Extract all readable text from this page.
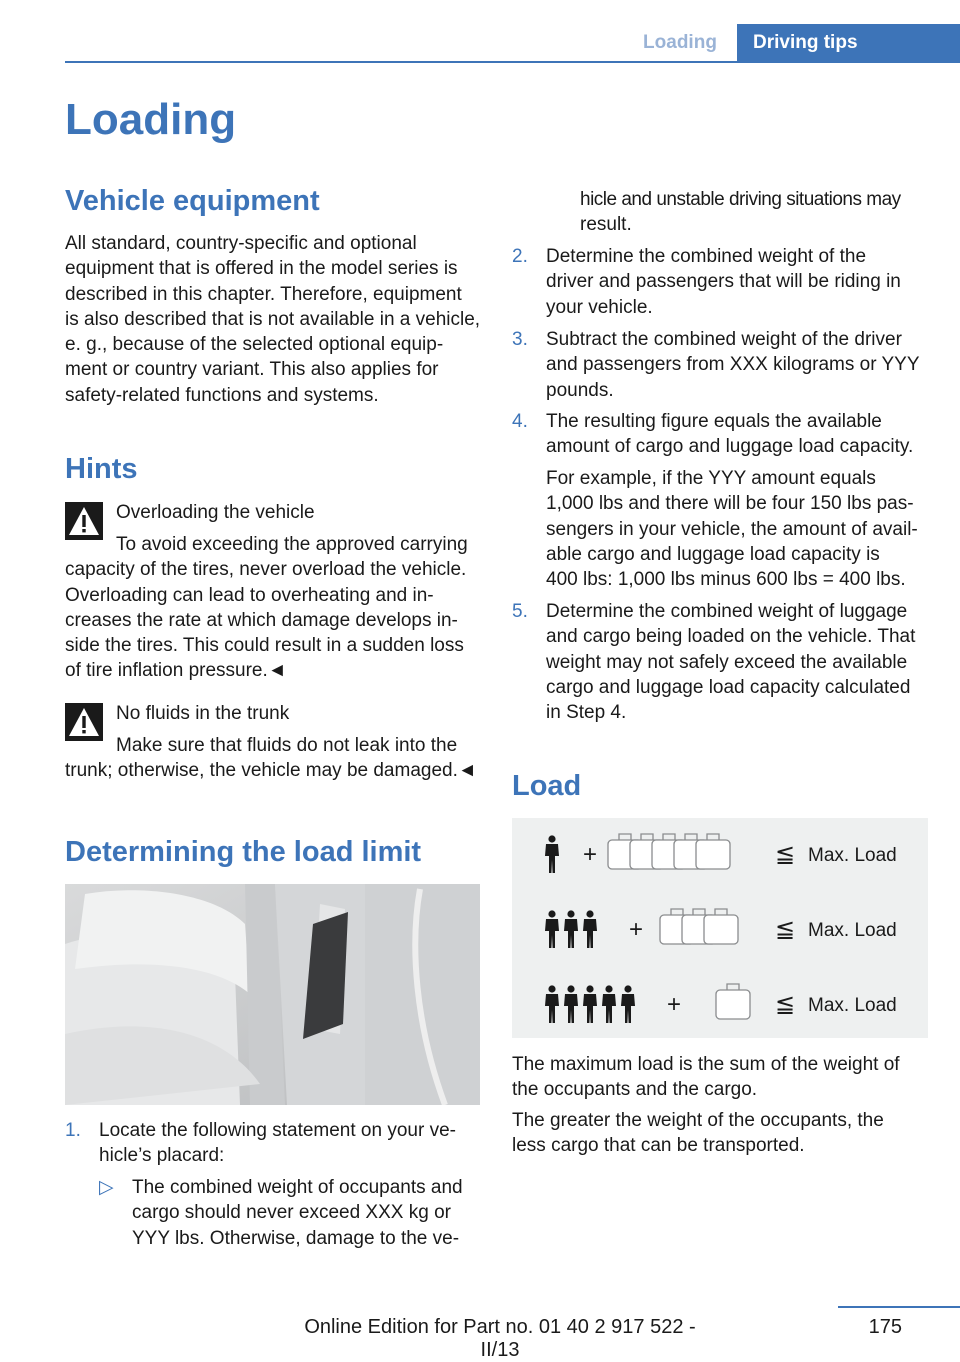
Loading	Driving tips
Loading
Vehicle equipment

All standard, country-specific and optional

equipment that is offered in the model series is

described in this chapter. Therefore, equipment

is also described that is not available in a vehicle,

e. g., because of the selected optional equip-

ment or country variant. This also applies for

safety-related functions and systems.

Hints

Overloading the vehicle

To avoid exceeding the approved carrying

capacity of the tires, never overload the vehicle.

Overloading can lead to overheating and in-

creases the rate at which damage develops in-

side the tires. This could result in a sudden loss

of tire inflation pressure.◄

No fluids in the trunk

Make sure that fluids do not leak into the

trunk; otherwise, the vehicle may be damaged.◄

Determining the load limit
1. Locate the following statement on your ve-

hicle’s placard:

▷ The combined weight of occupants and

cargo should never exceed XXX kg or

YYY lbs. Otherwise, damage to the ve-

hicle and unstable driving situations may

result.

2. Determine the combined weight of the

driver and passengers that will be riding in

your vehicle.

3. Subtract the combined weight of the driver

and passengers from XXX kilograms or YYY

pounds.

4. The resulting figure equals the available

amount of cargo and luggage load capacity.

For example, if the YYY amount equals

1,000 lbs and there will be four 150 lbs pas-

sengers in your vehicle, the amount of avail-

able cargo and luggage load capacity is

400 lbs: 1,000 lbs minus 600 lbs = 400 lbs.

5. Determine the combined weight of luggage

and cargo being loaded on the vehicle. That

weight may not safely exceed the available

cargo and luggage load capacity calculated

in Step 4.

Load
+	≦ Max. Load
+	≦ Max. Load
+	≦ Max. Load

The maximum load is the sum of the weight of

the occupants and the cargo.

The greater the weight of the occupants, the

less cargo that can be transported.

175
Online Edition for Part no. 01 40 2 917 522 - II/13
